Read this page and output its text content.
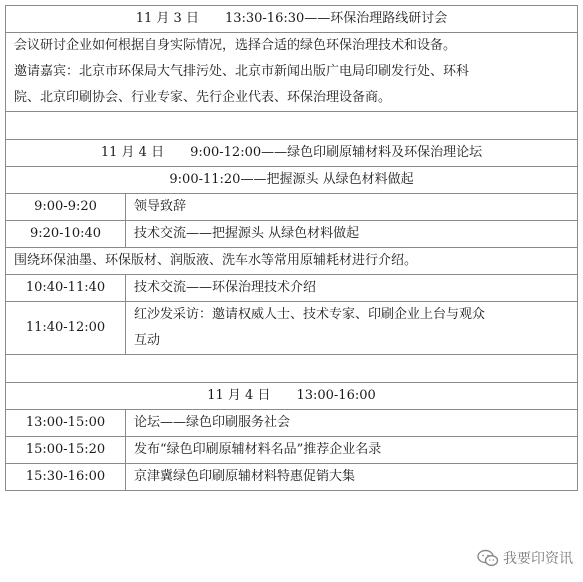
11 月 3 日　　13:30-16:30——环保治理路线研讨会	

会议研讨企业如何根据自身实际情况，选择合适的绿色环保治理技术和设备。
邀请嘉宾：北京市环保局大气排污处、北京市新闻出版广电局印刷发行处、环科
院、北京印刷协会、行业专家、先行企业代表、环保治理设备商。	

11 月 4 日　　9:00-12:00——绿色印刷原辅材料及环保治理论坛	
9:00-11:20——把握源头 从绿色材料做起	
9:00-9:20	领导致辞
9:20-10:40	技术交流——把握源头 从绿色材料做起
围绕环保油墨、环保版材、润版液、洗车水等常用原辅耗材进行介绍。	
10:40-11:40	技术交流——环保治理技术介绍
11:40-12:00	红沙发采访：邀请权威人士、技术专家、印刷企业上台与观众
互动

11 月 4 日　　13:00-16:00	
13:00-15:00	论坛——绿色印刷服务社会
15:00-15:20	发布“绿色印刷原辅材料名品”推荐企业名录
15:30-16:00	京津冀绿色印刷原辅材料特惠促销大集
我要印资讯
